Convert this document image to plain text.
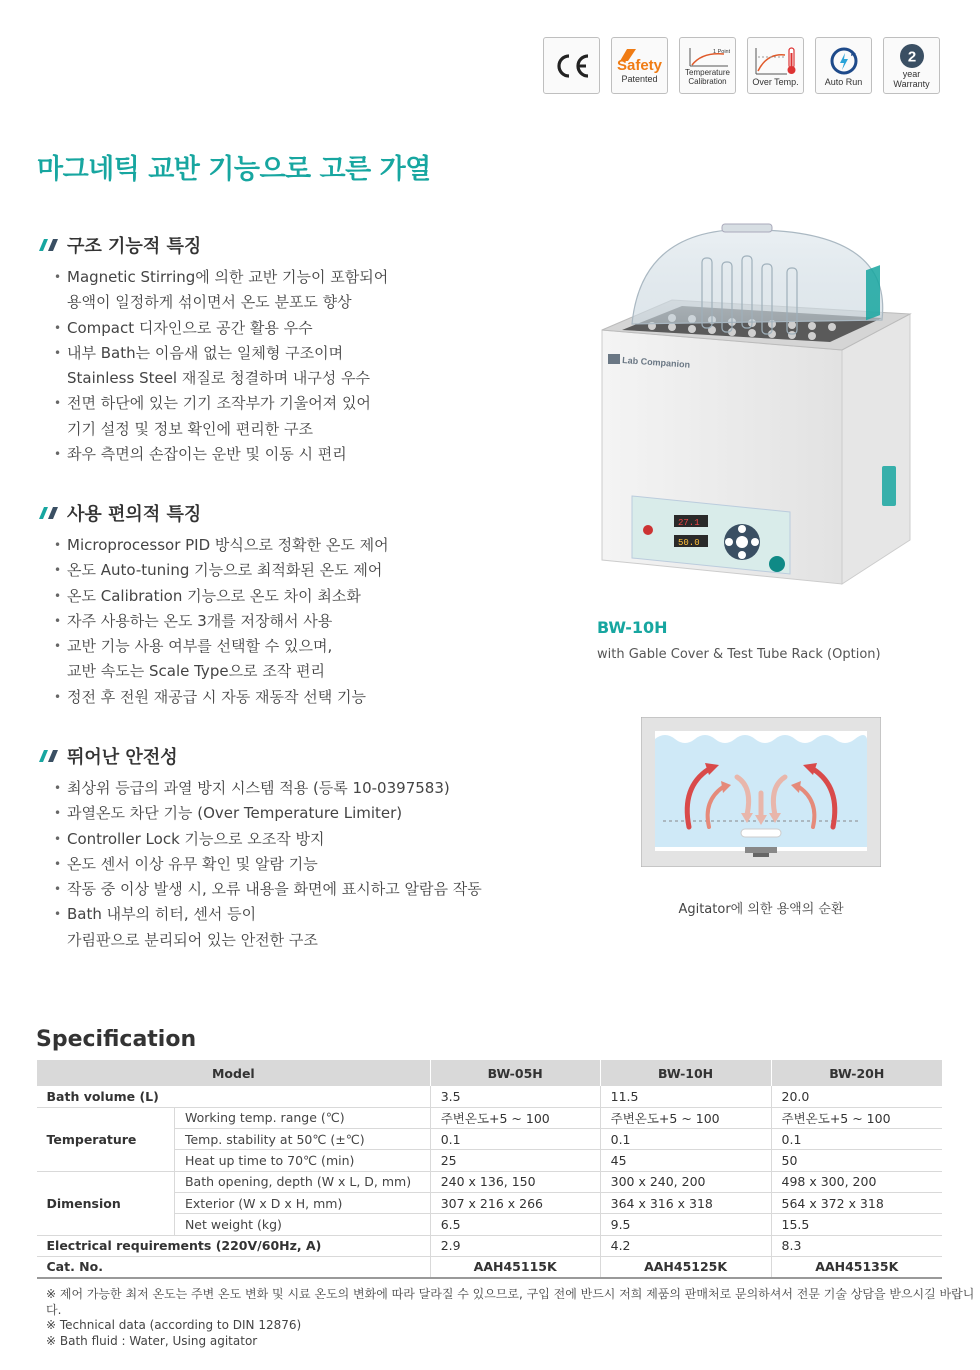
Safety
Patented
1 Point
Temperature Calibration	Over Temp.	Auto Run
2
year Warranty
마그네틱 교반 기능으로 고른 가열
구조 기능적 특징
• Magnetic Stirring에 의한 교반 기능이 포함되어
용액이 일정하게 섞이면서 온도 분포도 향상
• Compact 디자인으로 공간 활용 우수
• 내부 Bath는 이음새 없는 일체형 구조이며
Stainless Steel 재질로 청결하며 내구성 우수
• 전면 하단에 있는 기기 조작부가 기울어져 있어
기기 설정 및 정보 확인에 편리한 구조
• 좌우 측면의 손잡이는 운반 및 이동 시 편리
사용 편의적 특징
• Microprocessor PID 방식으로 정확한 온도 제어
• 온도 Auto-tuning 기능으로 최적화된 온도 제어
• 온도 Calibration 기능으로 온도 차이 최소화
• 자주 사용하는 온도 3개를 저장해서 사용
• 교반 기능 사용 여부를 선택할 수 있으며,
교반 속도는 Scale Type으로 조작 편리
• 정전 후 전원 재공급 시 자동 재동작 선택 기능
뛰어난 안전성
• 최상위 등급의 과열 방지 시스템 적용 (등록 10-0397583)
• 과열온도 차단 기능 (Over Temperature Limiter)
• Controller Lock 기능으로 오조작 방지
• 온도 센서 이상 유무 확인 및 알람 기능
• 작동 중 이상 발생 시, 오류 내용을 화면에 표시하고 알람음 작동
• Bath 내부의 히터, 센서 등이
가림판으로 분리되어 있는 안전한 구조
Lab Companion
27.1
50.0
BW-10H
with Gable Cover & Test Tube Rack (Option)
Agitator에 의한 용액의 순환
Specification
Model		BW-05H	BW-10H	BW-20H
Bath volume (L)		3.5	11.5	20.0
Temperature	Working temp. range (℃)	주변온도+5 ~ 100	주변온도+5 ~ 100	주변온도+5 ~ 100
	Temp. stability at 50℃ (±℃)	0.1	0.1	0.1
	Heat up time to 70℃ (min)	25	45	50
Dimension	Bath opening, depth (W x L, D, mm)	240 x 136, 150	300 x 240, 200	498 x 300, 200
	Exterior (W x D x H, mm)	307 x 216 x 266	364 x 316 x 318	564 x 372 x 318
	Net weight (kg)	6.5	9.5	15.5
Electrical requirements (220V/60Hz, A)		2.9	4.2	8.3
Cat. No.		AAH45115K	AAH45125K	AAH45135K
※ 제어 가능한 최저 온도는 주변 온도 변화 및 시료 온도의 변화에 따라 달라질 수 있으므로, 구입 전에 반드시 저희 제품의 판매처로 문의하셔서 전문 기술 상담을 받으시길 바랍니다.
※ Technical data (according to DIN 12876)
※ Bath fluid : Water, Using agitator
